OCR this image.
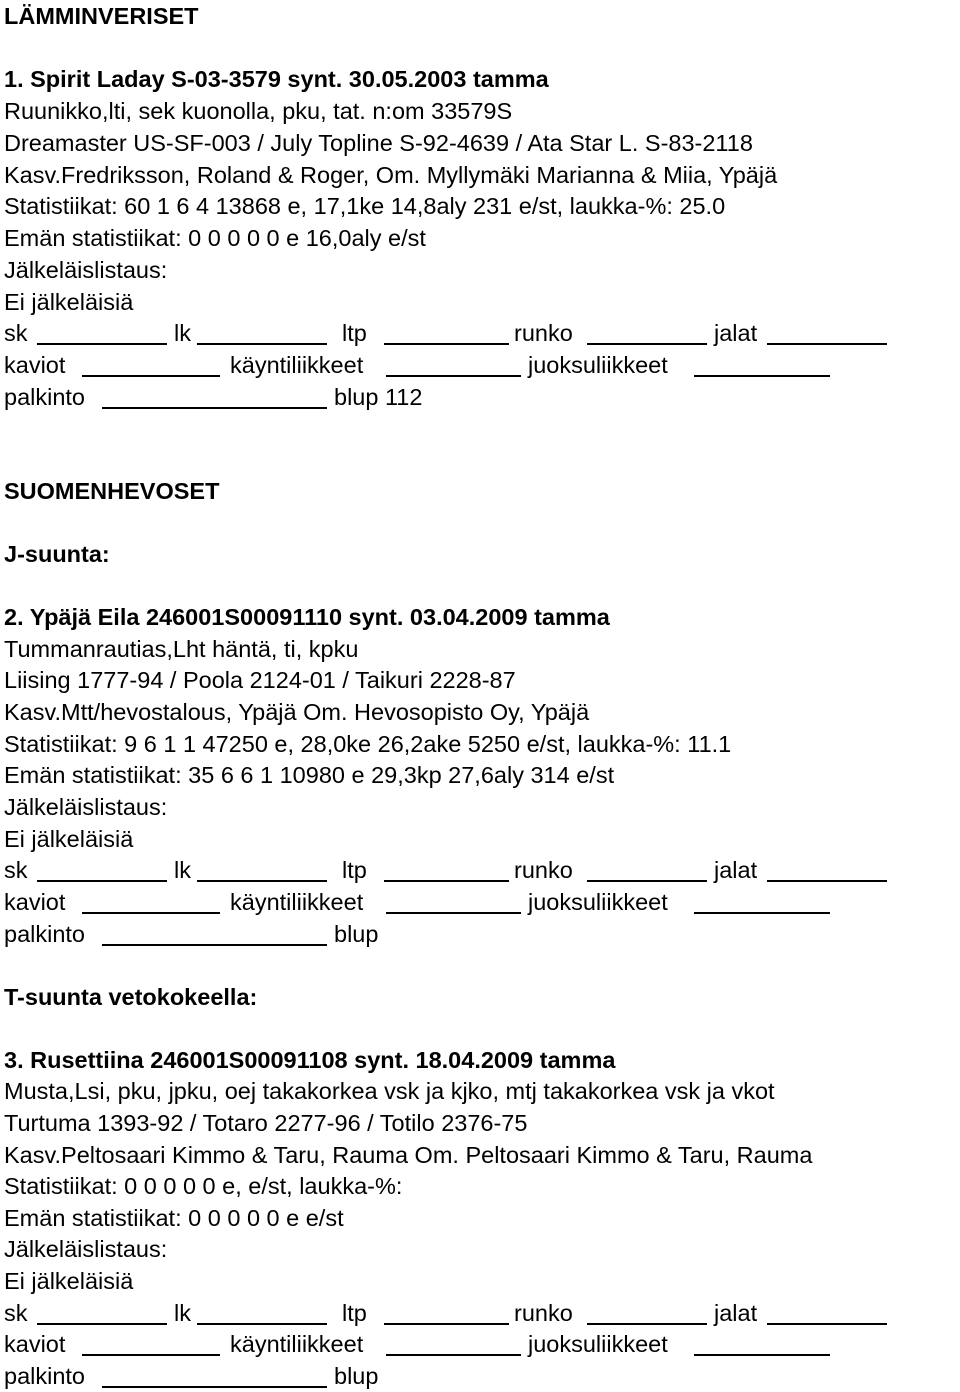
LÄMMINVERISET
1. Spirit Laday S-03-3579 synt. 30.05.2003 tamma
Ruunikko,lti, sek kuonolla, pku, tat. n:om 33579S
Dreamaster US-SF-003 / July Topline S-92-4639 / Ata Star L. S-83-2118
Kasv.Fredriksson, Roland & Roger, Om. Myllymäki Marianna & Miia, Ypäjä
Statistiikat: 60 1 6 4 13868 e, 17,1ke 14,8aly 231 e/st, laukka-%: 25.0
Emän statistiikat: 0 0 0 0 0 e 16,0aly e/st
Jälkeläislistaus:
Ei jälkeläisiä
sk	lk	ltp	runko	jalat
kaviot	käyntiliikkeet	juoksuliikkeet
palkinto	blup 112
SUOMENHEVOSET
J-suunta:
2. Ypäjä Eila 246001S00091110 synt. 03.04.2009 tamma
Tummanrautias,Lht häntä, ti, kpku
Liising 1777-94 / Poola 2124-01 / Taikuri 2228-87
Kasv.Mtt/hevostalous, Ypäjä Om. Hevosopisto Oy, Ypäjä
Statistiikat: 9 6 1 1 47250 e, 28,0ke 26,2ake 5250 e/st, laukka-%: 11.1
Emän statistiikat: 35 6 6 1 10980 e 29,3kp 27,6aly 314 e/st
Jälkeläislistaus:
Ei jälkeläisiä
sk	lk	ltp	runko	jalat
kaviot	käyntiliikkeet	juoksuliikkeet
palkinto	blup
T-suunta vetokokeella:
3. Rusettiina 246001S00091108 synt. 18.04.2009 tamma
Musta,Lsi, pku, jpku, oej takakorkea vsk ja kjko, mtj takakorkea vsk ja vkot
Turtuma 1393-92 / Totaro 2277-96 / Totilo 2376-75
Kasv.Peltosaari Kimmo & Taru, Rauma Om. Peltosaari Kimmo & Taru, Rauma
Statistiikat: 0 0 0 0 0 e, e/st, laukka-%:
Emän statistiikat: 0 0 0 0 0 e e/st
Jälkeläislistaus:
Ei jälkeläisiä
sk	lk	ltp	runko	jalat
kaviot	käyntiliikkeet	juoksuliikkeet
palkinto	blup
